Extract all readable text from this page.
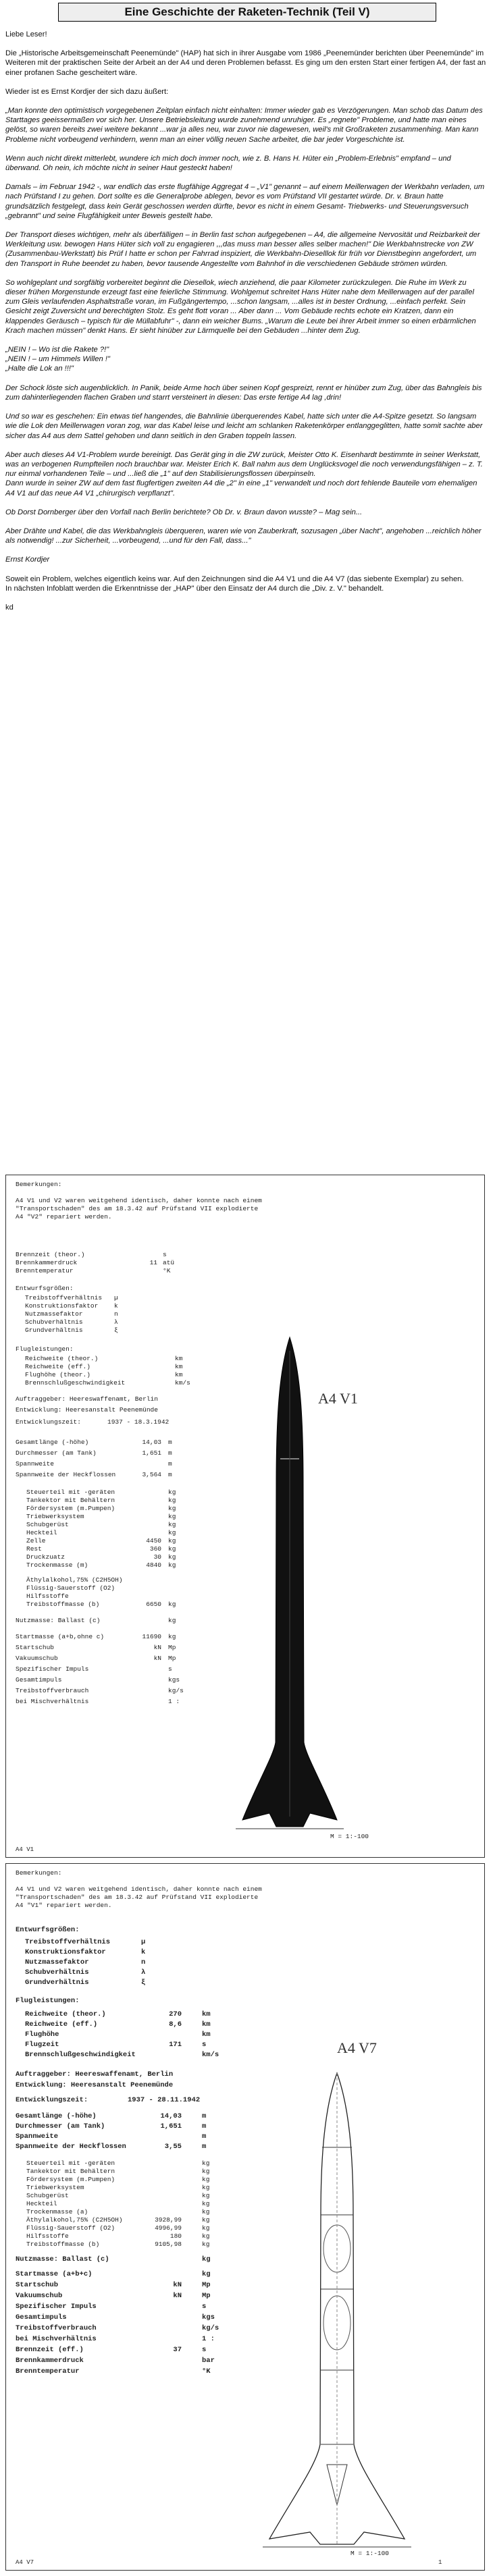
Eine Geschichte der Raketen-Technik (Teil V)

Liebe Leser!

Die „Historische Arbeitsgemeinschaft Peenemünde" (HAP) hat sich in ihrer Ausgabe vom 1986 „Peenemünder berichten über Peenemünde" im Weiteren mit der praktischen Seite der Arbeit an der A4 und deren Problemen befasst. Es ging um den ersten Start einer fertigen A4, der fast an einer profanen Sache gescheitert wäre.

Wieder ist es Ernst Kordjer der sich dazu äußert:

„Man konnte den optimistisch vorgegebenen Zeitplan einfach nicht einhalten: Immer wieder gab es Verzögerungen. Man schob das Datum des Starttages geeissermaßen vor sich her. Unsere Betriebsleitung wurde zunehmend unruhiger. Es „regnete" Probleme, und hatte man eines gelöst, so waren bereits zwei weitere bekannt ...war ja alles neu, war zuvor nie dagewesen, weil's mit Großraketen zusammenhing. Man kann Probleme nicht vorbeugend verhindern, wenn man an einer völlig neuen Sache arbeitet, die bar jeder Vorgeschichte ist.

Wenn auch nicht direkt mitterlebt, wundere ich mich doch immer noch, wie z. B. Hans H. Hüter ein „Problem-Erlebnis" empfand – und überwand. Oh nein, ich möchte nicht in seiner Haut gesteckt haben!

Damals – im Februar 1942 -, war endlich das erste flugfähige Aggregat 4 – „V1" genannt – auf einem Meillerwagen der Werkbahn verladen, um nach Prüfstand I zu gehen. Dort sollte es die Generalprobe ablegen, bevor es vom Prüfstand VII gestartet würde. Dr. v. Braun hatte grundsätzlich festgelegt, dass kein Gerät geschossen werden dürfte, bevor es nicht in einem Gesamt- Triebwerks- und Steuerungsversuch „gebrannt" und seine Flugfähigkeit unter Beweis gestellt habe.

Der Transport dieses wichtigen, mehr als überfälligen – in Berlin fast schon aufgegebenen – A4, die allgemeine Nervosität und Reizbarkeit der Werkleitung usw. bewogen Hans Hüter sich voll zu engagieren ,,,das muss man besser alles selber machen!" Die Werkbahnstrecke von ZW (Zusammenbau-Werkstatt) bis Prüf I hatte er schon per Fahrrad inspiziert, die Werkbahn-Dieselllok für früh vor Dienstbeginn angefordert, um den Transport in Ruhe beendet zu haben, bevor tausende Angestellte vom Bahnhof in die verschiedenen Gebäude strömen würden.

So wohlgeplant und sorgfältig vorbereitet beginnt die Diesellok, wiech anziehend, die paar Kilometer zurückzulegen. Die Ruhe im Werk zu dieser frühen Morgenstunde erzeugt fast eine feierliche Stimmung. Wohlgemut schreitet Hans Hüter nahe dem Meillerwagen auf der parallel zum Gleis verlaufenden Asphaltstraße voran, im Fußgängertempo, ...schon langsam, ...alles ist in bester Ordnung, ...einfach perfekt. Sein Gesicht zeigt Zuversicht und berechtigten Stolz. Es geht flott voran ... Aber dann ... Vom Gebäude rechts echote ein Kratzen, dann ein klappendes Geräusch – typisch für die Müllabfuhr" -, dann ein weicher Bums. „Warum die Leute bei ihrer Arbeit immer so einen erbärmlichen Krach machen müssen" denkt Hans. Er sieht hinüber zur Lärmquelle bei den Gebäuden ...hinter dem Zug.

„NEIN ! – Wo ist die Rakete ?!"

„NEIN ! – um Himmels Willen !"

„Halte die Lok an !!!"

Der Schock löste sich augenblicklich. In Panik, beide Arme hoch über seinen Kopf gespreizt, rennt er hinüber zum Zug, über das Bahngleis bis zum dahinterliegenden flachen Graben und starrt versteinert in diesen: Das erste fertige A4 lag ,drin!

Und so war es geschehen: Ein etwas tief hangendes, die Bahnlinie überquerendes Kabel, hatte sich unter die A4-Spitze gesetzt. So langsam wie die Lok den Meillerwagen voran zog, war das Kabel leise und leicht am schlanken Raketenkörper entlanggeglitten, hatte somit sachte aber sicher das A4 aus dem Sattel gehoben und dann seitlich in den Graben toppeln lassen.

Aber auch dieses A4 V1-Problem wurde bereinigt. Das Gerät ging in die ZW zurück, Meister Otto K. Eisenhardt bestimmte in seiner Werkstatt, was an verbogenen Rumpfteilen noch brauchbar war. Meister Erich K. Ball nahm aus dem Unglücksvogel die noch verwendungsfähigen – z. T. nur einmal vorhandenen Teile – und ...ließ die „1" auf den Stabilisierungsflossen überpinseln.

Dann wurde in seiner ZW auf dem fast flugfertigen zweiten A4 die „2" in eine „1" verwandelt und noch dort fehlende Bauteile vom ehemaligen A4 V1 auf das neue A4 V1 „chirurgisch verpflanzt".

Ob Dorst Dornberger über den Vorfall nach Berlin berichtete? Ob Dr. v. Braun davon wusste? – Mag sein...

Aber Drähte und Kabel, die das Werkbahngleis überqueren, waren wie von Zauberkraft, sozusagen „über Nacht", angehoben ...reichlich höher als notwendig! ...zur Sicherheit, ...vorbeugend, ...und für den Fall, dass..."

Ernst Kordjer

Soweit ein Problem, welches eigentlich keins war. Auf den Zeichnungen sind die A4 V1 und die A4 V7 (das siebente Exemplar) zu sehen.

In nächsten Infoblatt werden die Erkenntnisse der „HAP" über den Einsatz der A4 durch die „Div. z. V." behandelt.

kd

Bemerkungen:

A4 V1 und V2 waren weitgehend identisch, daher konnte nach einem
"Transportschaden" des am 18.3.42 auf Prüfstand VII explodierte
A4 "V2" repariert werden.
Brennzeit (theor.)	s
Brennkammerdruck	11 atü
Brenntemperatur	°K
Entwurfsgrößen:
Treibstoffverhältnis µ
Konstruktionsfaktor k
Nutzmassefaktor	n
Schubverhältnis	λ
Grundverhältnis	ξ
Flugleistungen:
Reichweite (theor.)	km
Reichweite (eff.)	km
Flughöhe (theor.)	km
Brennschlußgeschwindigkeit	km/s
Auftraggeber: Heereswaffenamt, Berlin
Entwicklung: Heeresanstalt Peenemünde
Entwicklungszeit:	1937 - 18.3.1942
A4 V1
M = 1:-100
A4 V1
Gesamtlänge (-höhe)	14,03 m
Durchmesser (am Tank)	1,651 m
Spannweite	m
Spannweite der Heckflossen	3,564 m
Steuerteil mit -geräten	kg
Tankektor mit Behältern	kg
Fördersystem (m.Pumpen)	kg
Triebwerksystem	kg
Schubgerüst	kg
Heckteil	kg
Zelle	4450 kg
Rest	360 kg
Druckzuatz	30 kg
Trockenmasse (m)	4840 kg
Äthylalkohol,75% (C2H5OH)
Flüssig-Sauerstoff (O2)
Hilfsstoffe
Treibstoffmasse (b)	6650 kg
Nutzmasse: Ballast (c)	kg
Startmasse (a+b,ohne c)	11690 kg
Startschub	kN Mp
Vakuumschub	kN Mp
Spezifischer Impuls	s
Gesamtimpuls	kgs
Treibstoffverbrauch	kg/s
bei Mischverhältnis	1 :
Bemerkungen:

A4 V1 und V2 waren weitgehend identisch, daher konnte nach einem
"Transportschaden" des am 18.3.42 auf Prüfstand VII explodierte
A4 "V1" repariert werden.
A4 V7
M = 1:-100
A4 V7	1
Entwurfsgrößen:
Treibstoffverhältnis	µ
Konstruktionsfaktor	k
Nutzmassefaktor	n
Schubverhältnis	λ
Grundverhältnis	ξ
Flugleistungen:
Reichweite (theor.)	270	km
Reichweite (eff.)	8,6	km
Flughöhe	km
Flugzeit	171	s
Brennschlußgeschwindigkeit	km/s
Auftraggeber: Heereswaffenamt, Berlin
Entwicklung: Heeresanstalt Peenemünde
Entwicklungszeit:	1937 - 28.11.1942
Gesamtlänge (-höhe)	14,03	m
Durchmesser (am Tank)	1,651	m
Spannweite	m
Spannweite der Heckflossen	3,55	m
Steuerteil mit -geräten	kg
Tankektor mit Behältern	kg
Fördersystem (m.Pumpen)	kg
Triebwerksystem	kg
Schubgerüst	kg
Heckteil	kg
Trockenmasse (a)	kg
Äthylalkohol,75% (C2H5OH)	3928,99	kg
Flüssig-Sauerstoff (O2)	4996,99	kg
Hilfsstoffe	180	kg
Treibstoffmasse (b)	9105,98	kg
Nutzmasse: Ballast (c)	kg
Startmasse (a+b+c)	kg
Startschub	kN	Mp
Vakuumschub	kN	Mp
Spezifischer Impuls	s
Gesamtimpuls	kgs
Treibstoffverbrauch	kg/s
bei Mischverhältnis	1 :
Brennzeit (eff.)	37	s
Brennkammerdruck	bar
Brenntemperatur	°K
